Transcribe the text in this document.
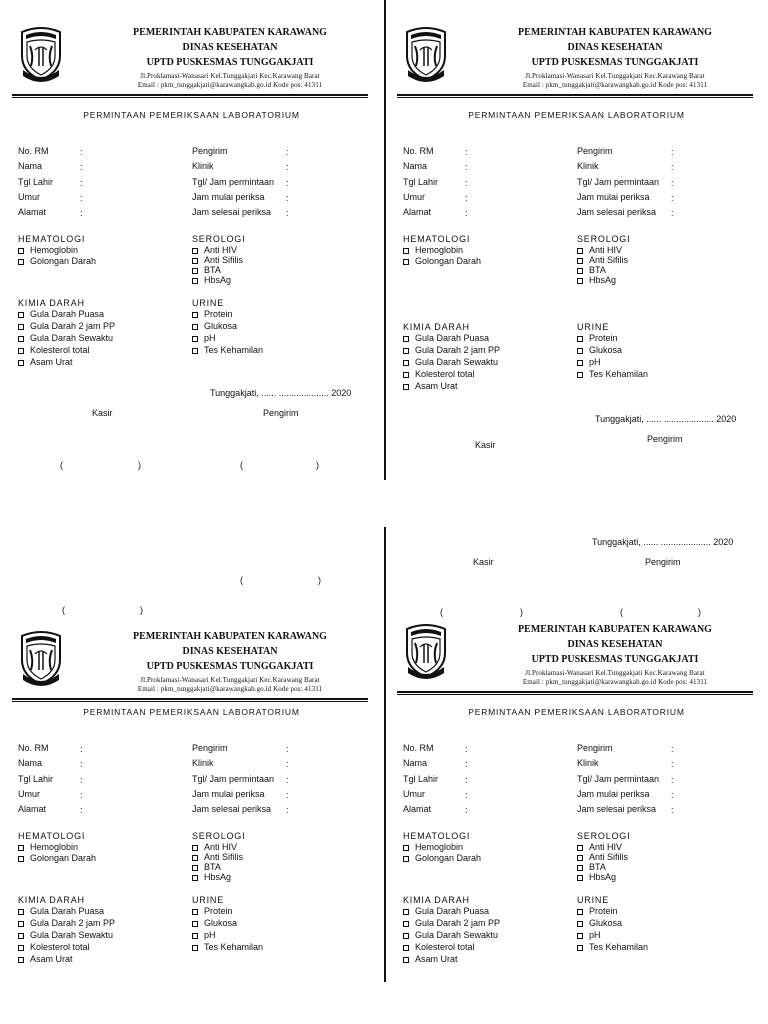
PEMERINTAH KABUPATEN KARAWANG
DINAS KESEHATAN
UPTD PUSKESMAS TUNGGAKJATI
Jl.Proklamasi-Wanasari Kel.Tunggakjati Kec.Karawang Barat
Email : pkm_tunggakjati@karawangkab.go.id Kode pos: 41311
PERMINTAAN PEMERIKSAAN LABORATORIUM
No. RM	:	Pengirim	:
Nama	:	Klinik	:
Tgl Lahir	:	Tgl/ Jam permintaan :
Umur	:	Jam mulai periksa :
Alamat	:	Jam selesai periksa :
HEMATOLOGI
Hemoglobin
Golongan Darah
SEROLOGI
Anti HIV
Anti Sifilis
BTA
HbsAg
KIMIA DARAH
Gula Darah Puasa
Gula Darah 2 jam PP
Gula Darah Sewaktu
Kolesterol total
Asam Urat
URINE
Protein
Glukosa
pH
Tes Kehamilan
Tunggakjati, ...... .................... 2020
Kasir	Pengirim
(	)	(	)
PEMERINTAH KABUPATEN KARAWANG
DINAS KESEHATAN
UPTD PUSKESMAS TUNGGAKJATI
Jl.Proklamasi-Wanasari Kel.Tunggakjati Kec.Karawang Barat
Email : pkm_tunggakjati@karawangkab.go.id Kode pos: 41311
PERMINTAAN PEMERIKSAAN LABORATORIUM
No. RM	:	Pengirim	:
Nama	:	Klinik	:
Tgl Lahir	:	Tgl/ Jam permintaan :
Umur	:	Jam mulai periksa :
Alamat	:	Jam selesai periksa :
HEMATOLOGI
Hemoglobin
Golongan Darah
SEROLOGI
Anti HIV
Anti Sifilis
BTA
HbsAg
KIMIA DARAH
Gula Darah Puasa
Gula Darah 2 jam PP
Gula Darah Sewaktu
Kolesterol total
Asam Urat
URINE
Protein
Glukosa
pH
Tes Kehamilan
Tunggakjati, ...... .................... 2020
Kasir
Pengirim
PEMERINTAH KABUPATEN KARAWANG
DINAS KESEHATAN
UPTD PUSKESMAS TUNGGAKJATI
Jl.Proklamasi-Wanasari Kel.Tunggakjati Kec.Karawang Barat
Email : pkm_tunggakjati@karawangkab.go.id Kode pos: 41311
PERMINTAAN PEMERIKSAAN LABORATORIUM
No. RM	:	Pengirim	:
Nama	:	Klinik	:
Tgl Lahir	:	Tgl/ Jam permintaan :
Umur	:	Jam mulai periksa :
Alamat	:	Jam selesai periksa :
HEMATOLOGI
Hemoglobin
Golongan Darah
SEROLOGI
Anti HIV
Anti Sifilis
BTA
HbsAg
KIMIA DARAH
Gula Darah Puasa
Gula Darah 2 jam PP
Gula Darah Sewaktu
Kolesterol total
Asam Urat
URINE
Protein
Glukosa
pH
Tes Kehamilan
PEMERINTAH KABUPATEN KARAWANG
DINAS KESEHATAN
UPTD PUSKESMAS TUNGGAKJATI
Jl.Proklamasi-Wanasari Kel.Tunggakjati Kec.Karawang Barat
Email : pkm_tunggakjati@karawangkab.go.id Kode pos: 41311
PERMINTAAN PEMERIKSAAN LABORATORIUM
No. RM	:	Pengirim	:
Nama	:	Klinik	:
Tgl Lahir	:	Tgl/ Jam permintaan :
Umur	:	Jam mulai periksa :
Alamat	:	Jam selesai periksa :
HEMATOLOGI
Hemoglobin
Golongan Darah
SEROLOGI
Anti HIV
Anti Sifilis
BTA
HbsAg
KIMIA DARAH
Gula Darah Puasa
Gula Darah 2 jam PP
Gula Darah Sewaktu
Kolesterol total
Asam Urat
URINE
Protein
Glukosa
pH
Tes Kehamilan
Tunggakjati, ...... .................... 2020
Kasir	Pengirim
(	)	(	)
(	)
(	)
